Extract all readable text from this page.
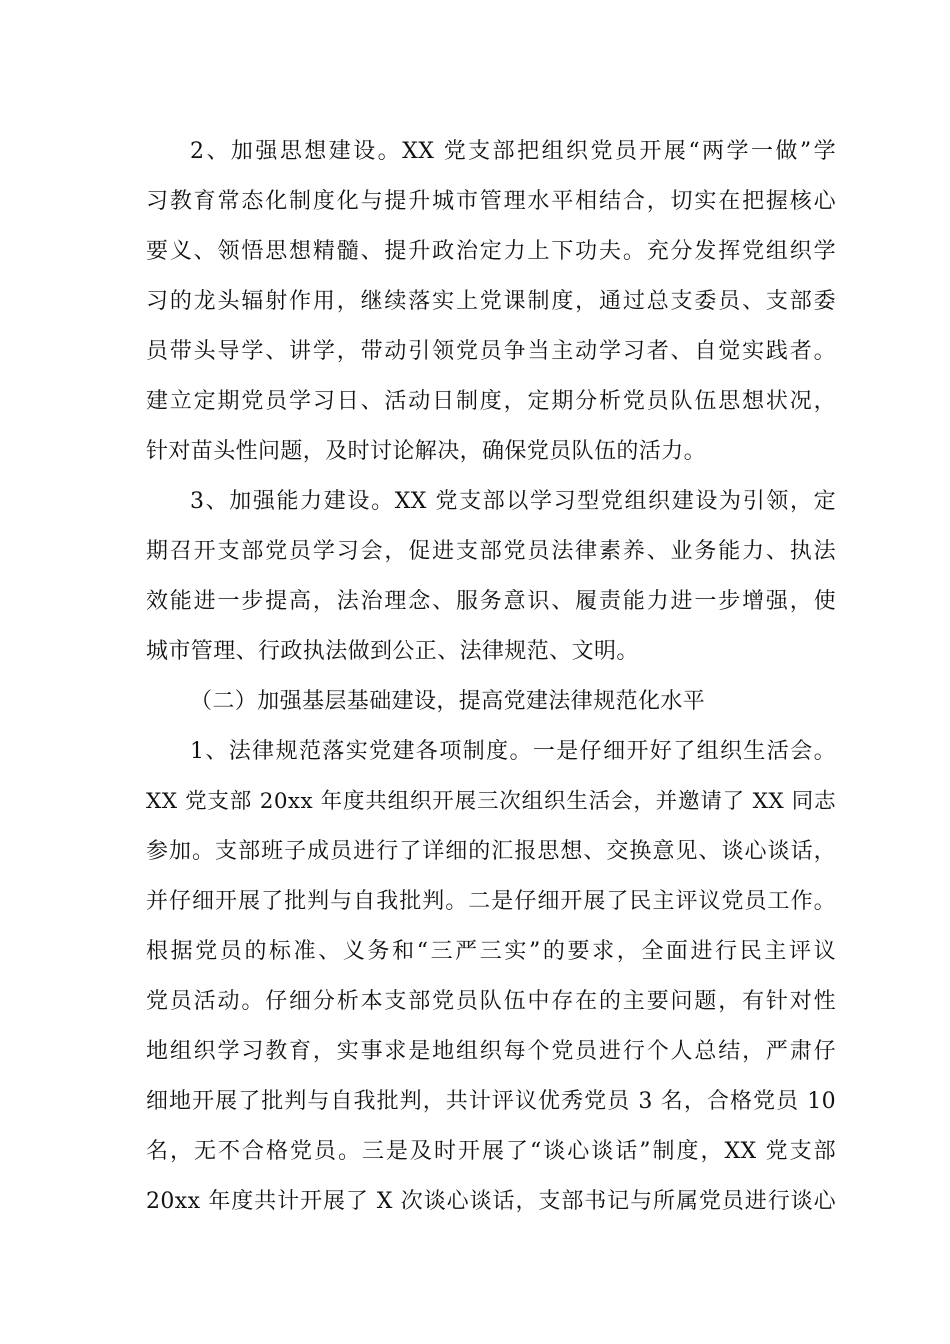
2、加强思想建设。XX 党支部把组织党员开展“两学一做”学
习教育常态化制度化与提升城市管理水平相结合，切实在把握核心
要义、领悟思想精髓、提升政治定力上下功夫。充分发挥党组织学
习的龙头辐射作用，继续落实上党课制度，通过总支委员、支部委
员带头导学、讲学，带动引领党员争当主动学习者、自觉实践者。
建立定期党员学习日、活动日制度，定期分析党员队伍思想状况，
针对苗头性问题，及时讨论解决，确保党员队伍的活力。
3、加强能力建设。XX 党支部以学习型党组织建设为引领，定
期召开支部党员学习会，促进支部党员法律素养、业务能力、执法
效能进一步提高，法治理念、服务意识、履责能力进一步增强，使
城市管理、行政执法做到公正、法律规范、文明。
（二）加强基层基础建设，提高党建法律规范化水平
1、法律规范落实党建各项制度。一是仔细开好了组织生活会。
XX 党支部 20xx 年度共组织开展三次组织生活会，并邀请了 XX 同志
参加。支部班子成员进行了详细的汇报思想、交换意见、谈心谈话，
并仔细开展了批判与自我批判。二是仔细开展了民主评议党员工作。
根据党员的标准、义务和“三严三实”的要求，全面进行民主评议
党员活动。仔细分析本支部党员队伍中存在的主要问题，有针对性
地组织学习教育，实事求是地组织每个党员进行个人总结，严肃仔
细地开展了批判与自我批判，共计评议优秀党员 3 名，合格党员 10
名，无不合格党员。三是及时开展了“谈心谈话”制度，XX 党支部
20xx 年度共计开展了 X 次谈心谈话，支部书记与所属党员进行谈心
